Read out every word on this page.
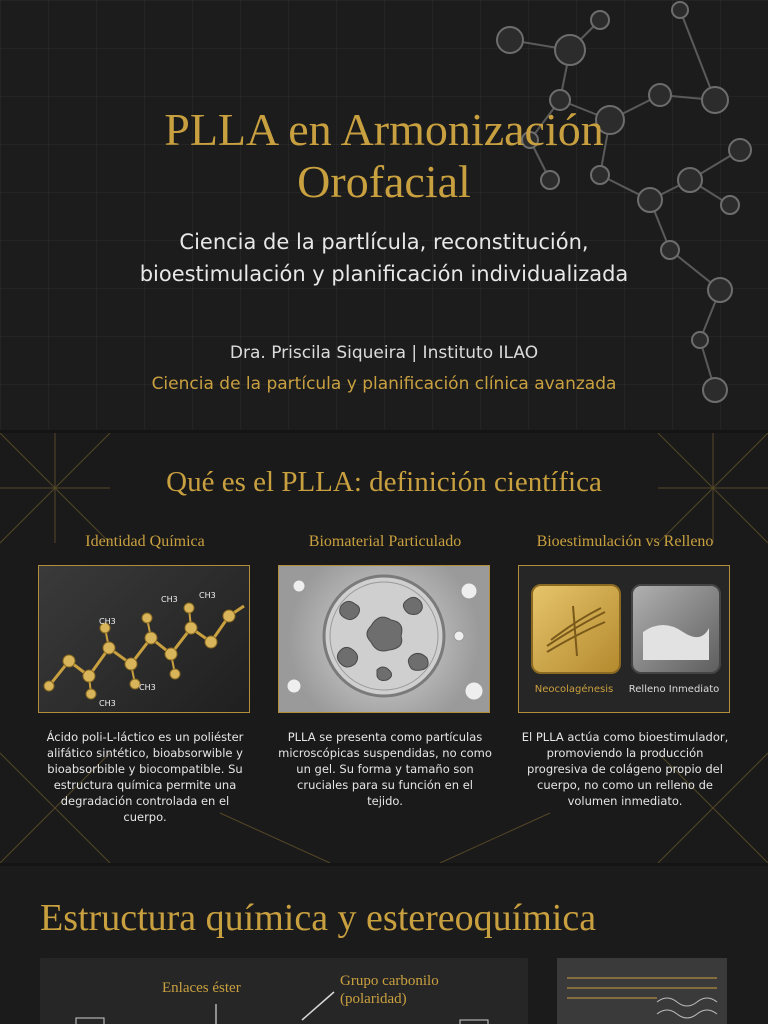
PLLA en Armonización
Orofacial
Ciencia de la partlícula, reconstitución,
bioestimulación y planificación individualizada
Dra. Priscila Siqueira | Instituto ILAO
Ciencia de la partícula y planificación clínica avanzada
Qué es el PLLA: definición científica
Identidad Química
CH3
CH3
CH3
CH3	CH3

Ácido poli-L-láctico es un poliéster alifático sintético, bioabsorwible y bioabsorbible y biocompatible. Su estructura química permite una degradación controlada en el cuerpo.

Biomaterial Particulado

PLLA se presenta como partículas microscópicas suspendidas, no como un gel. Su forma y tamaño son cruciales para su función en el tejido.

Bioestimulación vs Relleno
Neocolagénesis	Relleno Inmediato

El PLLA actúa como bioestimulador, promoviendo la producción progresiva de colágeno propio del cuerpo, no como un relleno de volumen inmediato.

Estructura química y estereoquímica
Enlaces éster	Grupo carbonilo
(polaridad)
